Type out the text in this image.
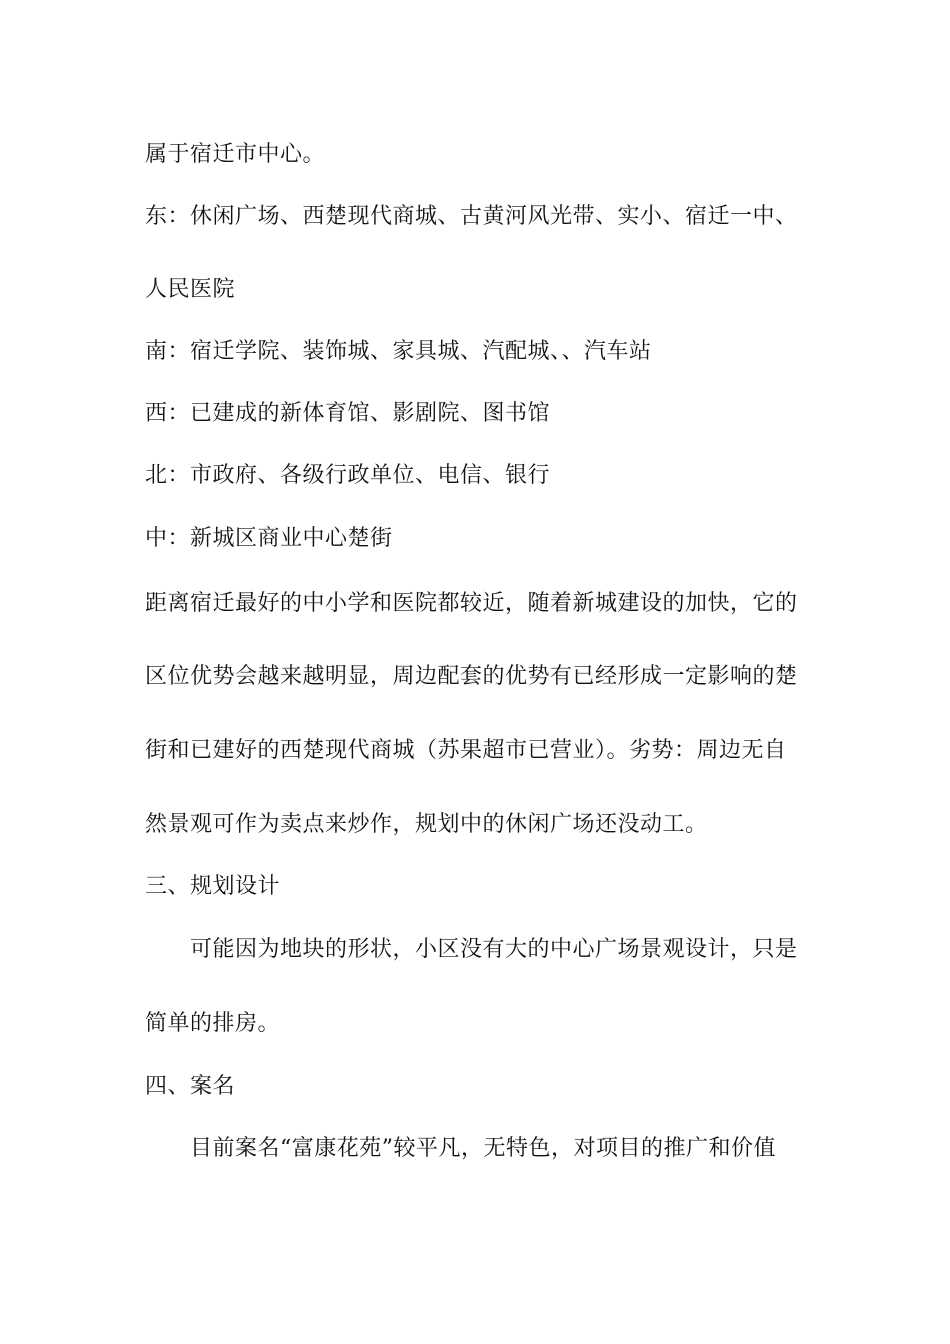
属于宿迁市中心。
东：休闲广场、西楚现代商城、古黄河风光带、实小、宿迁一中、
人民医院
南：宿迁学院、装饰城、家具城、汽配城、、汽车站
西：已建成的新体育馆、影剧院、图书馆
北：市政府、各级行政单位、电信、银行
中：新城区商业中心楚街
距离宿迁最好的中小学和医院都较近，随着新城建设的加快，它的
区位优势会越来越明显，周边配套的优势有已经形成一定影响的楚
街和已建好的西楚现代商城（苏果超市已营业）。劣势：周边无自
然景观可作为卖点来炒作，规划中的休闲广场还没动工。
三、规划设计
可能因为地块的形状，小区没有大的中心广场景观设计，只是
简单的排房。
四、案名
目前案名“富康花苑”较平凡，无特色，对项目的推广和价值
